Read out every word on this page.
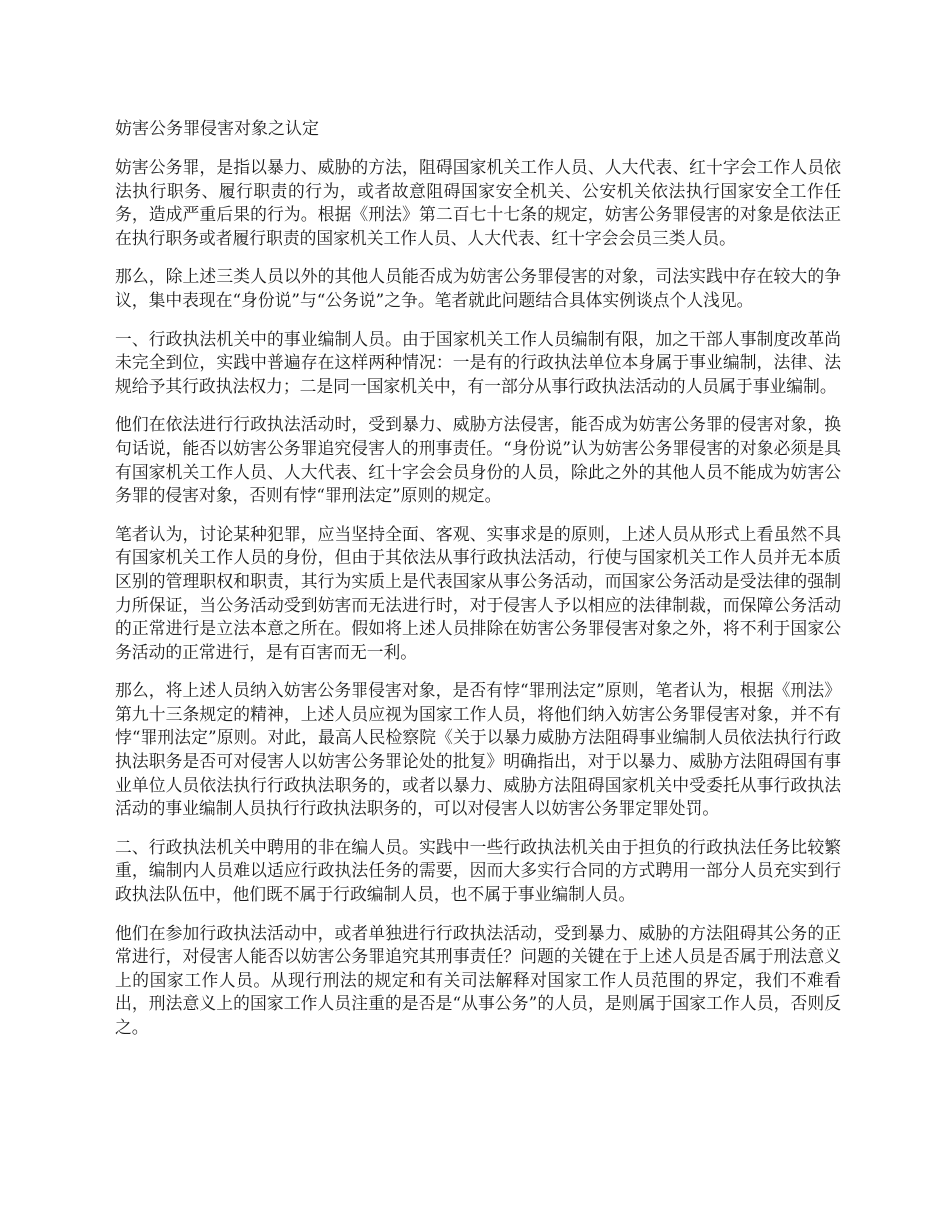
妨害公务罪侵害对象之认定

妨害公务罪，是指以暴力、威胁的方法，阻碍国家机关工作人员、人大代表、红十字会工作人员依法执行职务、履行职责的行为，或者故意阻碍国家安全机关、公安机关依法执行国家安全工作任务，造成严重后果的行为。根据《刑法》第二百七十七条的规定，妨害公务罪侵害的对象是依法正在执行职务或者履行职责的国家机关工作人员、人大代表、红十字会会员三类人员。

那么，除上述三类人员以外的其他人员能否成为妨害公务罪侵害的对象，司法实践中存在较大的争议，集中表现在“身份说”与“公务说”之争。笔者就此问题结合具体实例谈点个人浅见。

一、行政执法机关中的事业编制人员。由于国家机关工作人员编制有限，加之干部人事制度改革尚未完全到位，实践中普遍存在这样两种情况：一是有的行政执法单位本身属于事业编制，法律、法规给予其行政执法权力；二是同一国家机关中，有一部分从事行政执法活动的人员属于事业编制。

他们在依法进行行政执法活动时，受到暴力、威胁方法侵害，能否成为妨害公务罪的侵害对象，换句话说，能否以妨害公务罪追究侵害人的刑事责任。“身份说”认为妨害公务罪侵害的对象必须是具有国家机关工作人员、人大代表、红十字会会员身份的人员，除此之外的其他人员不能成为妨害公务罪的侵害对象，否则有悖“罪刑法定”原则的规定。

笔者认为，讨论某种犯罪，应当坚持全面、客观、实事求是的原则，上述人员从形式上看虽然不具有国家机关工作人员的身份，但由于其依法从事行政执法活动，行使与国家机关工作人员并无本质区别的管理职权和职责，其行为实质上是代表国家从事公务活动，而国家公务活动是受法律的强制力所保证，当公务活动受到妨害而无法进行时，对于侵害人予以相应的法律制裁，而保障公务活动的正常进行是立法本意之所在。假如将上述人员排除在妨害公务罪侵害对象之外，将不利于国家公务活动的正常进行，是有百害而无一利。

那么，将上述人员纳入妨害公务罪侵害对象，是否有悖“罪刑法定”原则，笔者认为，根据《刑法》第九十三条规定的精神，上述人员应视为国家工作人员，将他们纳入妨害公务罪侵害对象，并不有悖“罪刑法定”原则。对此，最高人民检察院《关于以暴力威胁方法阻碍事业编制人员依法执行行政执法职务是否可对侵害人以妨害公务罪论处的批复》明确指出，对于以暴力、威胁方法阻碍国有事业单位人员依法执行行政执法职务的，或者以暴力、威胁方法阻碍国家机关中受委托从事行政执法活动的事业编制人员执行行政执法职务的，可以对侵害人以妨害公务罪定罪处罚。

二、行政执法机关中聘用的非在编人员。实践中一些行政执法机关由于担负的行政执法任务比较繁重，编制内人员难以适应行政执法任务的需要，因而大多实行合同的方式聘用一部分人员充实到行政执法队伍中，他们既不属于行政编制人员，也不属于事业编制人员。

他们在参加行政执法活动中，或者单独进行行政执法活动，受到暴力、威胁的方法阻碍其公务的正常进行，对侵害人能否以妨害公务罪追究其刑事责任？问题的关键在于上述人员是否属于刑法意义上的国家工作人员。从现行刑法的规定和有关司法解释对国家工作人员范围的界定，我们不难看出，刑法意义上的国家工作人员注重的是否是“从事公务”的人员，是则属于国家工作人员，否则反之。
